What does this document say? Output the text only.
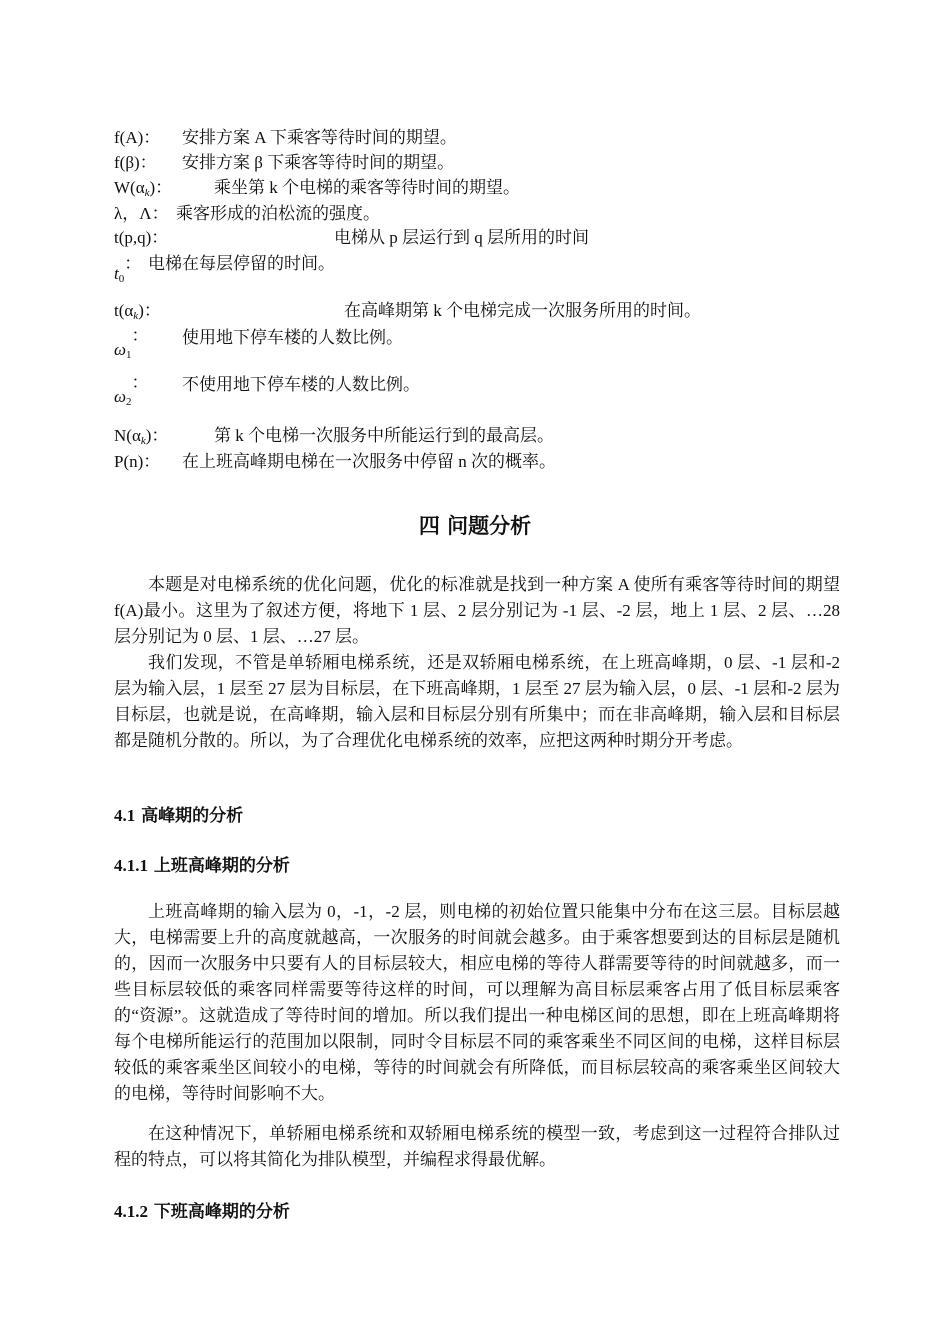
f(A)： 安排方案 A 下乘客等待时间的期望。
f(β)： 安排方案 β 下乘客等待时间的期望。
$W(\alpha_k)$： 乘坐第 k 个电梯的乘客等待时间的期望。
λ，Λ： 乘客形成的泊松流的强度。
t(p,q)：	电梯从 p 层运行到 q 层所用的时间
$t_0$： 电梯在每层停留的时间。
$t(\alpha_k)$：	在高峰期第 k 个电梯完成一次服务所用的时间。
$\omega_1$： 使用地下停车楼的人数比例。
$\omega_2$： 不使用地下停车楼的人数比例。
$N(\alpha_k)$：	第 k 个电梯一次服务中所能运行到的最高层。
P(n)： 在上班高峰期电梯在一次服务中停留 n 次的概率。
四 问题分析

本题是对电梯系统的优化问题，优化的标准就是找到一种方案 A 使所有乘客等待时间的期望 f(A)最小。这里为了叙述方便，将地下 1 层、2 层分别记为 -1 层、-2 层，地上 1 层、2 层、…28 层分别记为 0 层、1 层、…27 层。

我们发现，不管是单轿厢电梯系统，还是双轿厢电梯系统，在上班高峰期，0 层、-1 层和-2 层为输入层，1 层至 27 层为目标层，在下班高峰期，1 层至 27 层为输入层，0 层、-1 层和-2 层为目标层，也就是说，在高峰期，输入层和目标层分别有所集中；而在非高峰期，输入层和目标层都是随机分散的。所以，为了合理优化电梯系统的效率，应把这两种时期分开考虑。

4.1 高峰期的分析
4.1.1 上班高峰期的分析

上班高峰期的输入层为 0，-1，-2 层，则电梯的初始位置只能集中分布在这三层。目标层越大，电梯需要上升的高度就越高，一次服务的时间就会越多。由于乘客想要到达的目标层是随机的，因而一次服务中只要有人的目标层较大，相应电梯的等待人群需要等待的时间就越多，而一些目标层较低的乘客同样需要等待这样的时间，可以理解为高目标层乘客占用了低目标层乘客的“资源”。这就造成了等待时间的增加。所以我们提出一种电梯区间的思想，即在上班高峰期将每个电梯所能运行的范围加以限制，同时令目标层不同的乘客乘坐不同区间的电梯，这样目标层较低的乘客乘坐区间较小的电梯，等待的时间就会有所降低，而目标层较高的乘客乘坐区间较大的电梯，等待时间影响不大。

在这种情况下，单轿厢电梯系统和双轿厢电梯系统的模型一致，考虑到这一过程符合排队过程的特点，可以将其简化为排队模型，并编程求得最优解。

4.1.2 下班高峰期的分析
